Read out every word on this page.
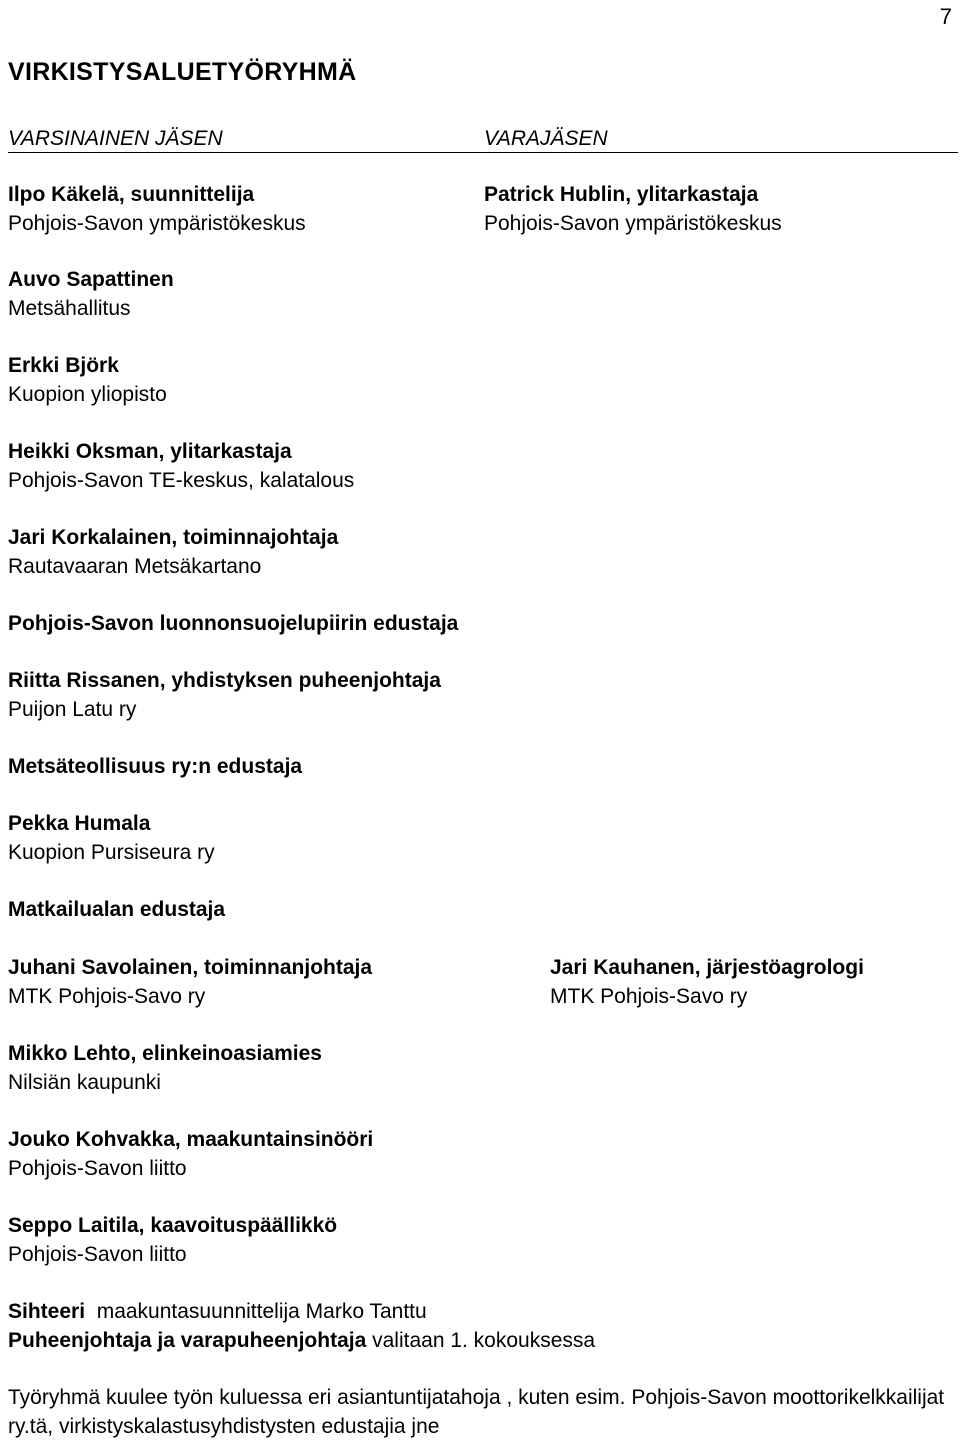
7
VIRKISTYSALUETYÖRYHMÄ
VARSINAINEN JÄSEN	VARAJÄSEN
Ilpo Käkelä, suunnittelija
Pohjois-Savon ympäristökeskus
Auvo Sapattinen
Metsähallitus
Erkki Björk
Kuopion yliopisto
Heikki Oksman, ylitarkastaja
Pohjois-Savon TE-keskus, kalatalous
Jari Korkalainen, toiminnajohtaja
Rautavaaran Metsäkartano
Pohjois-Savon luonnonsuojelupiirin edustaja
Riitta Rissanen, yhdistyksen puheenjohtaja
Puijon Latu ry
Metsäteollisuus ry:n edustaja
Pekka Humala
Kuopion Pursiseura ry
Matkailualan edustaja
Juhani Savolainen, toiminnanjohtaja
MTK Pohjois-Savo ry
Mikko Lehto, elinkeinoasiamies
Nilsiän kaupunki
Jouko Kohvakka, maakuntainsinööri
Pohjois-Savon liitto
Seppo Laitila, kaavoituspäällikkö
Pohjois-Savon liitto
Patrick Hublin, ylitarkastaja
Pohjois-Savon ympäristökeskus
Jari Kauhanen, järjestöagrologi
MTK Pohjois-Savo ry
Sihteeri maakuntasuunnittelija Marko Tanttu
Puheenjohtaja ja varapuheenjohtaja valitaan 1. kokouksessa
Työryhmä kuulee työn kuluessa eri asiantuntijatahoja , kuten esim. Pohjois-Savon moottorikelkkailijat
ry.tä, virkistyskalastusyhdistysten edustajia jne
